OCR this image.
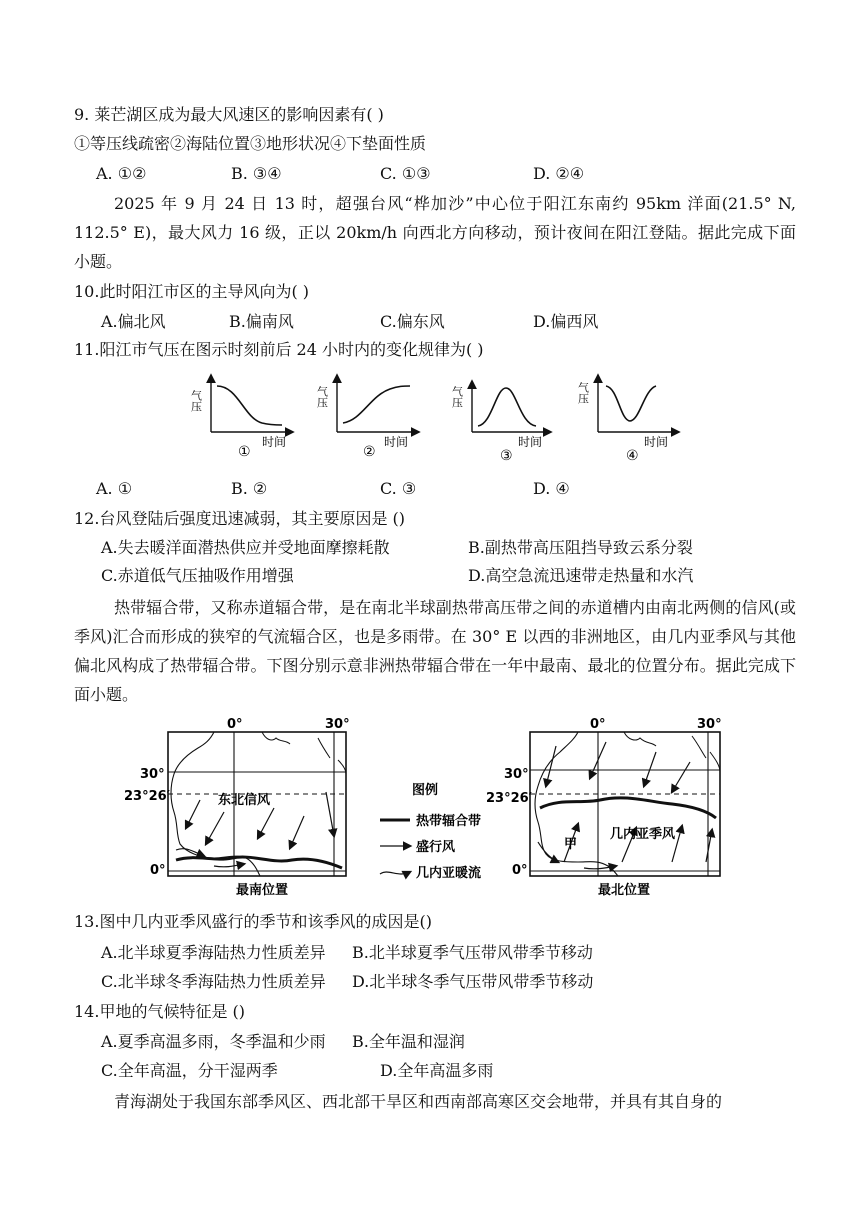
9. 莱芒湖区成为最大风速区的影响因素有( )
①等压线疏密②海陆位置③地形状况④下垫面性质
A. ①②	B. ③④	C. ①③	D. ②④
2025 年 9 月 24 日 13 时，超强台风“桦加沙”中心位于阳江东南约 95km 洋面(21.5° N, 112.5° E)，最大风力 16 级，正以 20km/h 向西北方向移动，预计夜间在阳江登陆。据此完成下面小题。
10.此时阳江市区的主导风向为( )
A.偏北风	B.偏南风	C.偏东风	D.偏西风
11.阳江市气压在图示时刻前后 24 小时内的变化规律为( )
气压
时间
①
气压
时间
②
气压
时间
③
气压
时间
④
A. ①	B. ②	C. ③	D. ④
12.台风登陆后强度迅速减弱，其主要原因是 ()
A.失去暖洋面潜热供应并受地面摩擦耗散	B.副热带高压阻挡导致云系分裂
C.赤道低气压抽吸作用增强	D.高空急流迅速带走热量和水汽
热带辐合带，又称赤道辐合带，是在南北半球副热带高压带之间的赤道槽内由南北两侧的信风(或季风)汇合而形成的狭窄的气流辐合区，也是多雨带。在 30° E 以西的非洲地区，由几内亚季风与其他偏北风构成了热带辐合带。下图分别示意非洲热带辐合带在一年中最南、最北的位置分布。据此完成下面小题。
东北信风
0°	30°
30°
23°26′
0°
最南位置
图例
热带辐合带
盛行风
几内亚暖流
甲
几内亚季风
0°	30°
30°
23°26′
0°
最北位置
13.图中几内亚季风盛行的季节和该季风的成因是()
A.北半球夏季海陆热力性质差异 B.北半球夏季气压带风带季节移动
C.北半球冬季海陆热力性质差异 D.北半球冬季气压带风带季节移动
14.甲地的气候特征是 ()
A.夏季高温多雨，冬季温和少雨 B.全年温和湿润
C.全年高温，分干湿两季	D.全年高温多雨
青海湖处于我国东部季风区、西北部干旱区和西南部高寒区交会地带，并具有其自身的
